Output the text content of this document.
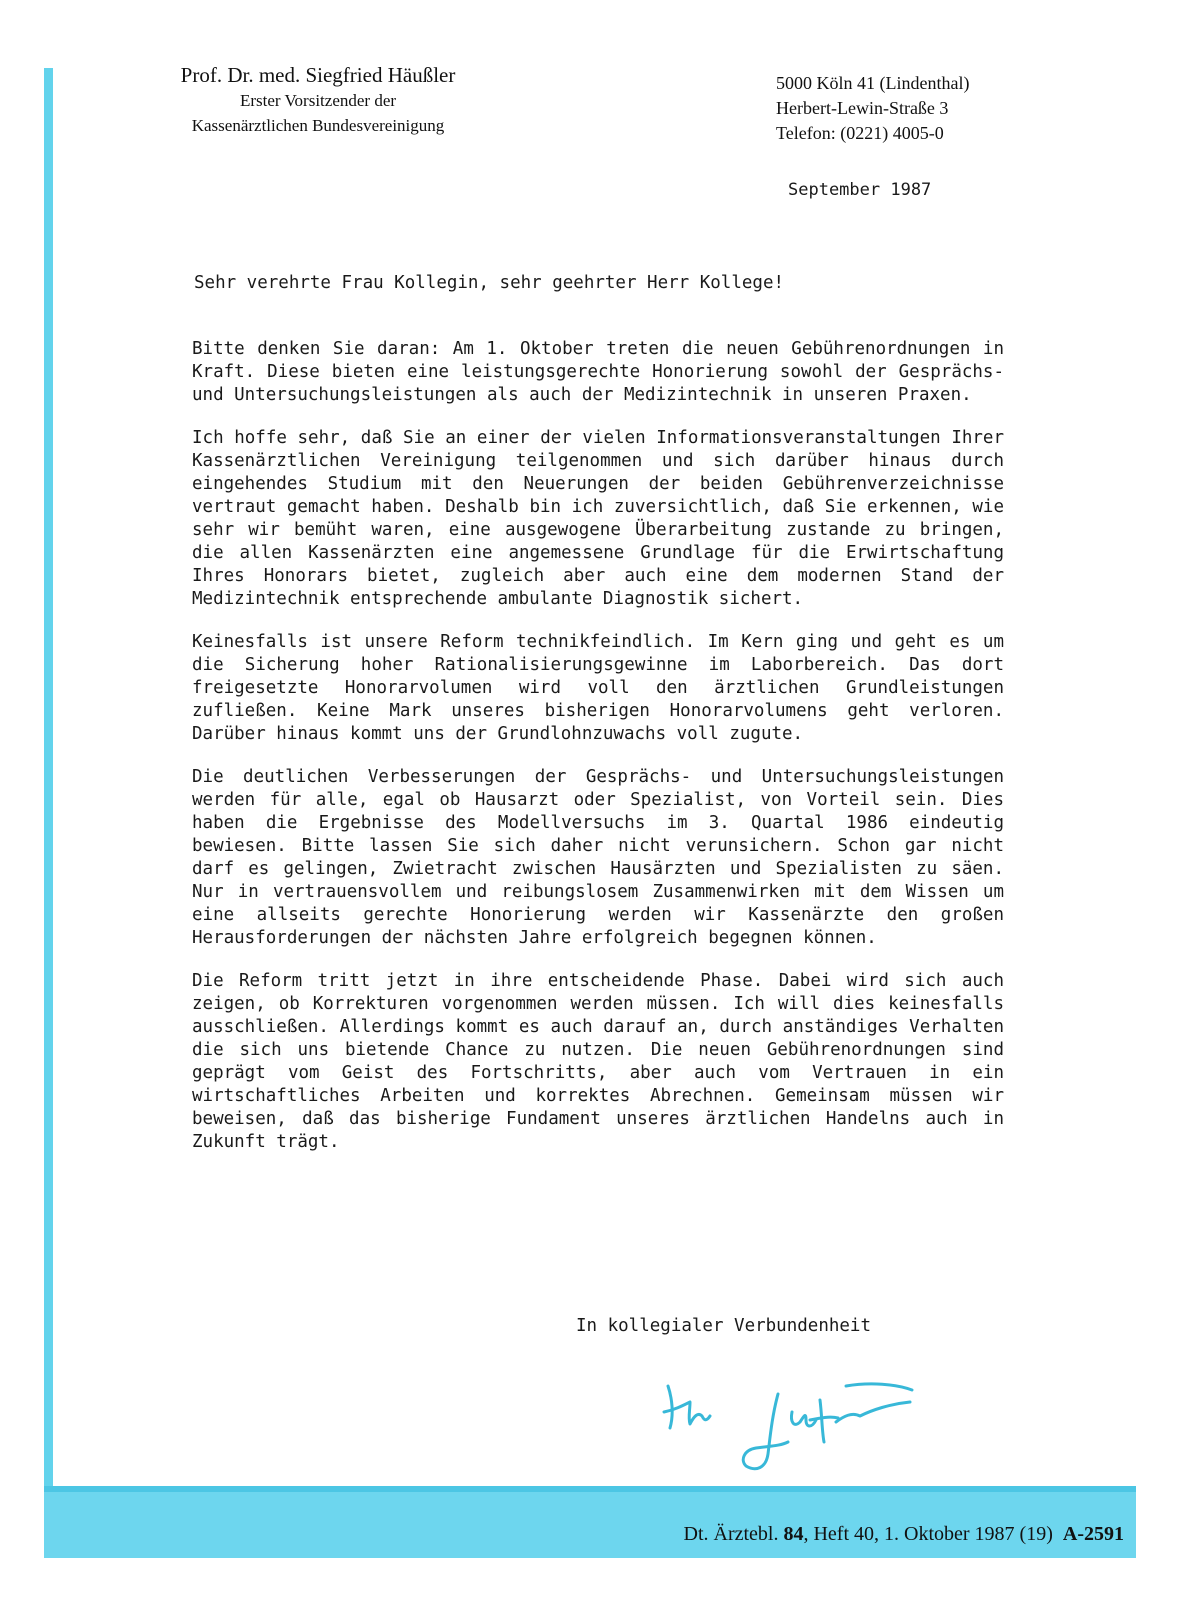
Prof. Dr. med. Siegfried Häußler
Erster Vorsitzender der
Kassenärztlichen Bundesvereinigung
5000 Köln 41 (Lindenthal)
Herbert-Lewin-Straße 3
Telefon: (0221) 4005-0
September 1987

Sehr verehrte Frau Kollegin, sehr geehrter Herr Kollege!

Bitte denken Sie daran: Am 1. Oktober treten die neuen Gebührenordnungen in Kraft. Diese bieten eine leistungsgerechte Honorierung sowohl der Gesprächs- und Untersuchungsleistungen als auch der Medizintechnik in unseren Praxen.

Ich hoffe sehr, daß Sie an einer der vielen Informationsveranstaltungen Ihrer Kassenärztlichen Vereinigung teilgenommen und sich darüber hinaus durch eingehendes Studium mit den Neuerungen der beiden Gebührenverzeichnisse vertraut gemacht haben. Deshalb bin ich zuversichtlich, daß Sie erkennen, wie sehr wir bemüht waren, eine ausgewogene Überarbeitung zustande zu bringen, die allen Kassenärzten eine angemessene Grundlage für die Erwirtschaftung Ihres Honorars bietet, zugleich aber auch eine dem modernen Stand der Medizintechnik entsprechende ambulante Diagnostik sichert.

Keinesfalls ist unsere Reform technikfeindlich. Im Kern ging und geht es um die Sicherung hoher Rationalisierungsgewinne im Laborbereich. Das dort freigesetzte Honorarvolumen wird voll den ärztlichen Grundleistungen zufließen. Keine Mark unseres bisherigen Honorarvolumens geht verloren. Darüber hinaus kommt uns der Grundlohnzuwachs voll zugute.

Die deutlichen Verbesserungen der Gesprächs- und Untersuchungsleistungen werden für alle, egal ob Hausarzt oder Spezialist, von Vorteil sein. Dies haben die Ergebnisse des Modellversuchs im 3. Quartal 1986 eindeutig bewiesen. Bitte lassen Sie sich daher nicht verunsichern. Schon gar nicht darf es gelingen, Zwietracht zwischen Hausärzten und Spezialisten zu säen. Nur in vertrauensvollem und reibungslosem Zusammenwirken mit dem Wissen um eine allseits gerechte Honorierung werden wir Kassenärzte den großen Herausforderungen der nächsten Jahre erfolgreich begegnen können.

Die Reform tritt jetzt in ihre entscheidende Phase. Dabei wird sich auch zeigen, ob Korrekturen vorgenommen werden müssen. Ich will dies keinesfalls ausschließen. Allerdings kommt es auch darauf an, durch anständiges Verhalten die sich uns bietende Chance zu nutzen. Die neuen Gebührenordnungen sind geprägt vom Geist des Fortschritts, aber auch vom Vertrauen in ein wirtschaftliches Arbeiten und korrektes Abrechnen. Gemeinsam müssen wir beweisen, daß das bisherige Fundament unseres ärztlichen Handelns auch in Zukunft trägt.

In kollegialer Verbundenheit
Dt. Ärztebl. 84, Heft 40, 1. Oktober 1987 (19) A-2591
